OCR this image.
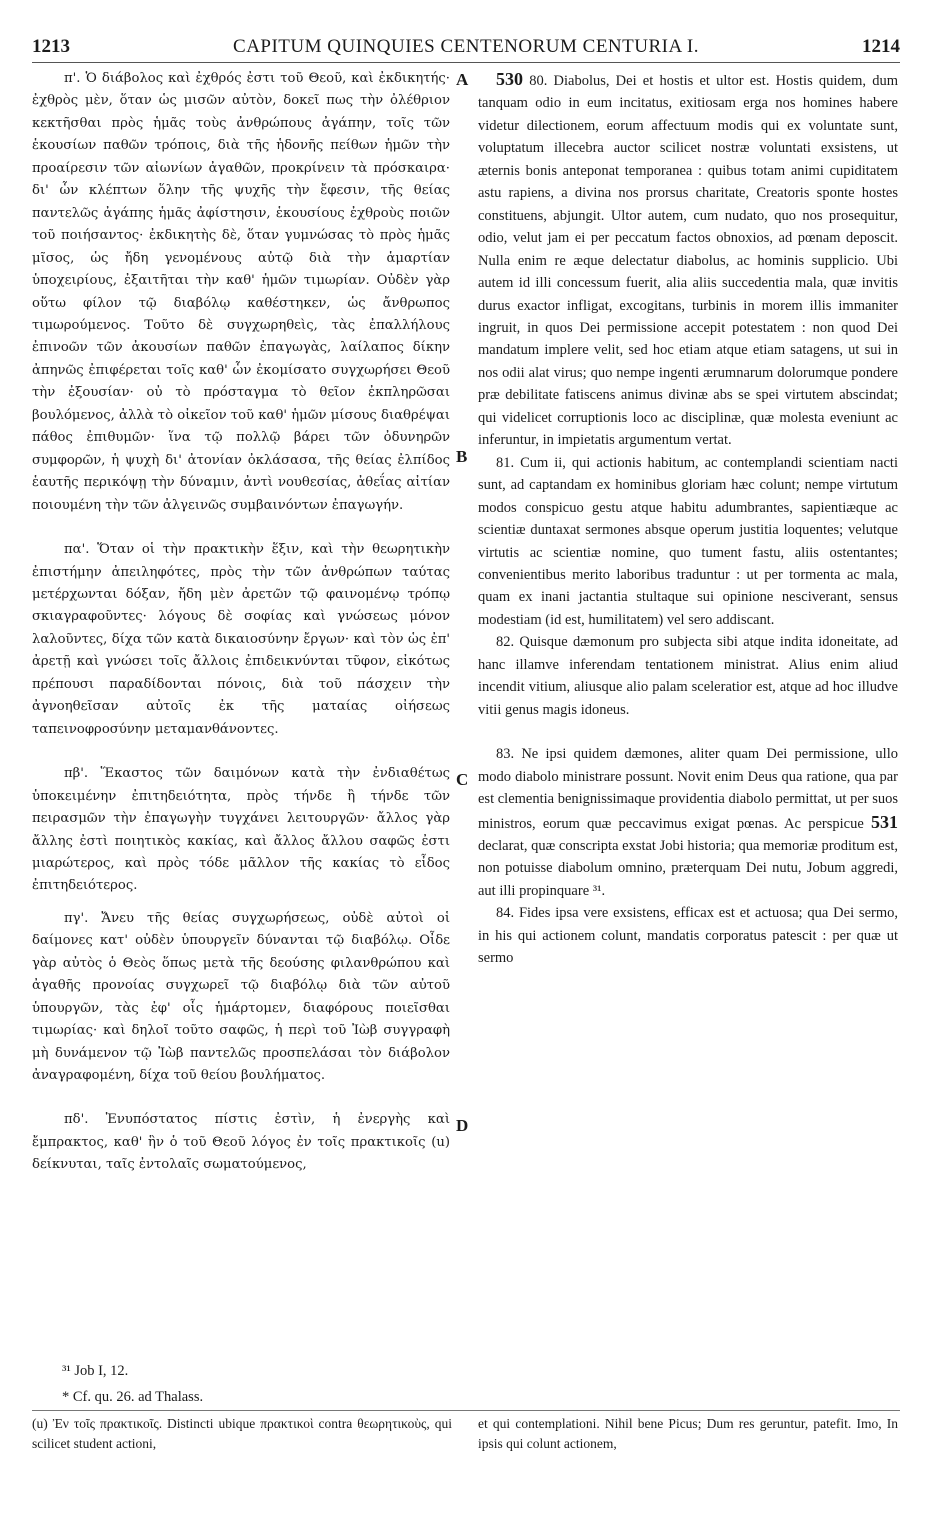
1213	CAPITUM QUINQUIES CENTENORUM CENTURIA I.	1214
A
B
C
D

π'. Ὁ διάβολος καὶ ἐχθρός ἐστι τοῦ Θεοῦ, καὶ ἐκδικητής· ἐχθρὸς μὲν, ὅταν ὡς μισῶν αὐτὸν, δοκεῖ πως τὴν ὀλέθριον κεκτῆσθαι πρὸς ἡμᾶς τοὺς ἀνθρώπους ἀγάπην, τοῖς τῶν ἑκουσίων παθῶν τρόποις, διὰ τῆς ἡδονῆς πείθων ἡμῶν τὴν προαίρεσιν τῶν αἰωνίων ἀγαθῶν, προκρίνειν τὰ πρόσκαιρα· δι' ὧν κλέπτων ὅλην τῆς ψυχῆς τὴν ἔφεσιν, τῆς θείας παντελῶς ἀγάπης ἡμᾶς ἀφίστησιν, ἑκουσίους ἐχθροὺς ποιῶν τοῦ ποιήσαντος· ἐκδικητὴς δὲ, ὅταν γυμνώσας τὸ πρὸς ἡμᾶς μῖσος, ὡς ἤδη γενομένους αὐτῷ διὰ τὴν ἁμαρτίαν ὑποχειρίους, ἐξαιτῆται τὴν καθ' ἡμῶν τιμωρίαν. Οὐδὲν γὰρ οὕτω φίλον τῷ διαβόλῳ καθέστηκεν, ὡς ἄνθρωπος τιμωρούμενος. Τοῦτο δὲ συγχωρηθεὶς, τὰς ἐπαλλήλους ἐπινοῶν τῶν ἀκουσίων παθῶν ἐπαγωγὰς, λαίλαπος δίκην ἀπηνῶς ἐπιφέρεται τοῖς καθ' ὧν ἐκομίσατο συγχωρήσει Θεοῦ τὴν ἐξουσίαν· οὐ τὸ πρόσταγμα τὸ θεῖον ἐκπληρῶσαι βουλόμενος, ἀλλὰ τὸ οἰκεῖον τοῦ καθ' ἡμῶν μίσους διαθρέψαι πάθος ἐπιθυμῶν· ἵνα τῷ πολλῷ βάρει τῶν ὀδυνηρῶν συμφορῶν, ἡ ψυχὴ δι' ἀτονίαν ὀκλάσασα, τῆς θείας ἐλπίδος ἑαυτῆς περικόψῃ τὴν δύναμιν, ἀντὶ νουθεσίας, ἀθεΐας αἰτίαν ποιουμένη τὴν τῶν ἀλγεινῶς συμβαινόντων ἐπαγωγήν.

πα'. Ὅταν οἱ τὴν πρακτικὴν ἕξιν, καὶ τὴν θεωρητικὴν ἐπιστήμην ἀπειληφότες, πρὸς τὴν τῶν ἀνθρώπων ταύτας μετέρχωνται δόξαν, ἤδη μὲν ἀρετῶν τῷ φαινομένῳ τρόπῳ σκιαγραφοῦντες· λόγους δὲ σοφίας καὶ γνώσεως μόνον λαλοῦντες, δίχα τῶν κατὰ δικαιοσύνην ἔργων· καὶ τὸν ὡς ἐπ' ἀρετῇ καὶ γνώσει τοῖς ἄλλοις ἐπιδεικνύνται τῦφον, εἰκότως πρέπουσι παραδίδονται πόνοις, διὰ τοῦ πάσχειν τὴν ἀγνοηθεῖσαν αὐτοῖς ἐκ τῆς ματαίας οἰήσεως ταπεινοφροσύνην μεταμανθάνοντες.

πβ'. Ἕκαστος τῶν δαιμόνων κατὰ τὴν ἐνδιαθέτως ὑποκειμένην ἐπιτηδειότητα, πρὸς τήνδε ἢ τήνδε τῶν πειρασμῶν τὴν ἐπαγωγὴν τυγχάνει λειτουργῶν· ἄλλος γὰρ ἄλλης ἐστὶ ποιητικὸς κακίας, καὶ ἄλλος ἄλλου σαφῶς ἐστι μιαρώτερος, καὶ πρὸς τόδε μᾶλλον τῆς κακίας τὸ εἶδος ἐπιτηδειότερος.

πγ'. Ἄνευ τῆς θείας συγχωρήσεως, οὐδὲ αὐτοὶ οἱ δαίμονες κατ' οὐδὲν ὑπουργεῖν δύνανται τῷ διαβόλῳ. Οἶδε γὰρ αὐτὸς ὁ Θεὸς ὅπως μετὰ τῆς δεούσης φιλανθρώπου καὶ ἀγαθῆς προνοίας συγχωρεῖ τῷ διαβόλῳ διὰ τῶν αὐτοῦ ὑπουργῶν, τὰς ἐφ' οἷς ἡμάρτομεν, διαφόρους ποιεῖσθαι τιμωρίας· καὶ δηλοῖ τοῦτο σαφῶς, ἡ περὶ τοῦ Ἰὼβ συγγραφὴ μὴ δυνάμενον τῷ Ἰὼβ παντελῶς προσπελάσαι τὸν διάβολον ἀναγραφομένη, δίχα τοῦ θείου βουλήματος.

πδ'. Ἐνυπόστατος πίστις ἐστὶν, ἡ ἐνεργὴς καὶ ἔμπρακτος, καθ' ἣν ὁ τοῦ Θεοῦ λόγος ἐν τοῖς πρακτικοῖς (u) δείκνυται, ταῖς ἐντολαῖς σωματούμενος,

530 80. Diabolus, Dei et hostis et ultor est. Hostis quidem, dum tanquam odio in eum incitatus, exitiosam erga nos homines habere videtur dilectionem, eorum affectuum modis qui ex voluntate sunt, voluptatum illecebra auctor scilicet nostræ voluntati exsistens, ut æternis bonis anteponat temporanea : quibus totam animi cupiditatem astu rapiens, a divina nos prorsus charitate, Creatoris sponte hostes constituens, abjungit. Ultor autem, cum nudato, quo nos prosequitur, odio, velut jam ei per peccatum factos obnoxios, ad pœnam deposcit. Nulla enim re æque delectatur diabolus, ac hominis supplicio. Ubi autem id illi concessum fuerit, alia aliis succedentia mala, quæ invitis durus exactor infligat, excogitans, turbinis in morem illis immaniter ingruit, in quos Dei permissione accepit potestatem : non quod Dei mandatum implere velit, sed hoc etiam atque etiam satagens, ut sui in nos odii alat virus; quo nempe ingenti ærumnarum dolorumque pondere præ debilitate fatiscens animus divinæ abs se spei virtutem abscindat; qui videlicet corruptionis loco ac disciplinæ, quæ molesta eveniunt ac inferuntur, in impietatis argumentum vertat.

81. Cum ii, qui actionis habitum, ac contemplandi scientiam nacti sunt, ad captandam ex hominibus gloriam hæc colunt; nempe virtutum modos conspicuo gestu atque habitu adumbrantes, sapientiæque ac scientiæ duntaxat sermones absque operum justitia loquentes; velutque virtutis ac scientiæ nomine, quo tument fastu, aliis ostentantes; convenientibus merito laboribus traduntur : ut per tormenta ac mala, quam ex inani jactantia stultaque sui opinione nesciverant, sensus modestiam (id est, humilitatem) vel sero addiscant.

82. Quisque dæmonum pro subjecta sibi atque indita idoneitate, ad hanc illamve inferendam tentationem ministrat. Alius enim aliud incendit vitium, aliusque alio palam sceleratior est, atque ad hoc illudve vitii genus magis idoneus.

83. Ne ipsi quidem dæmones, aliter quam Dei permissione, ullo modo diabolo ministrare possunt. Novit enim Deus qua ratione, qua par est clementia benignissimaque providentia diabolo permittat, ut per suos ministros, eorum quæ peccavimus exigat pœnas. Ac perspicue 531 declarat, quæ conscripta exstat Jobi historia; qua memoriæ proditum est, non potuisse diabolum omnino, præterquam Dei nutu, Jobum aggredi, aut illi propinquare ³¹.

84. Fides ipsa vere exsistens, efficax est et actuosa; qua Dei sermo, in his qui actionem colunt, mandatis corporatus patescit : per quæ ut sermo

³¹ Job I, 12.
* Cf. qu. 26. ad Thalass.
(u) Ἐν τοῖς πρακτικοῖς. Distincti ubique πρακτικοὶ contra θεωρητικοὺς, qui scilicet student actioni,
et qui contemplationi. Nihil bene Picus; Dum res geruntur, patefit. Imo, In ipsis qui colunt actionem,
